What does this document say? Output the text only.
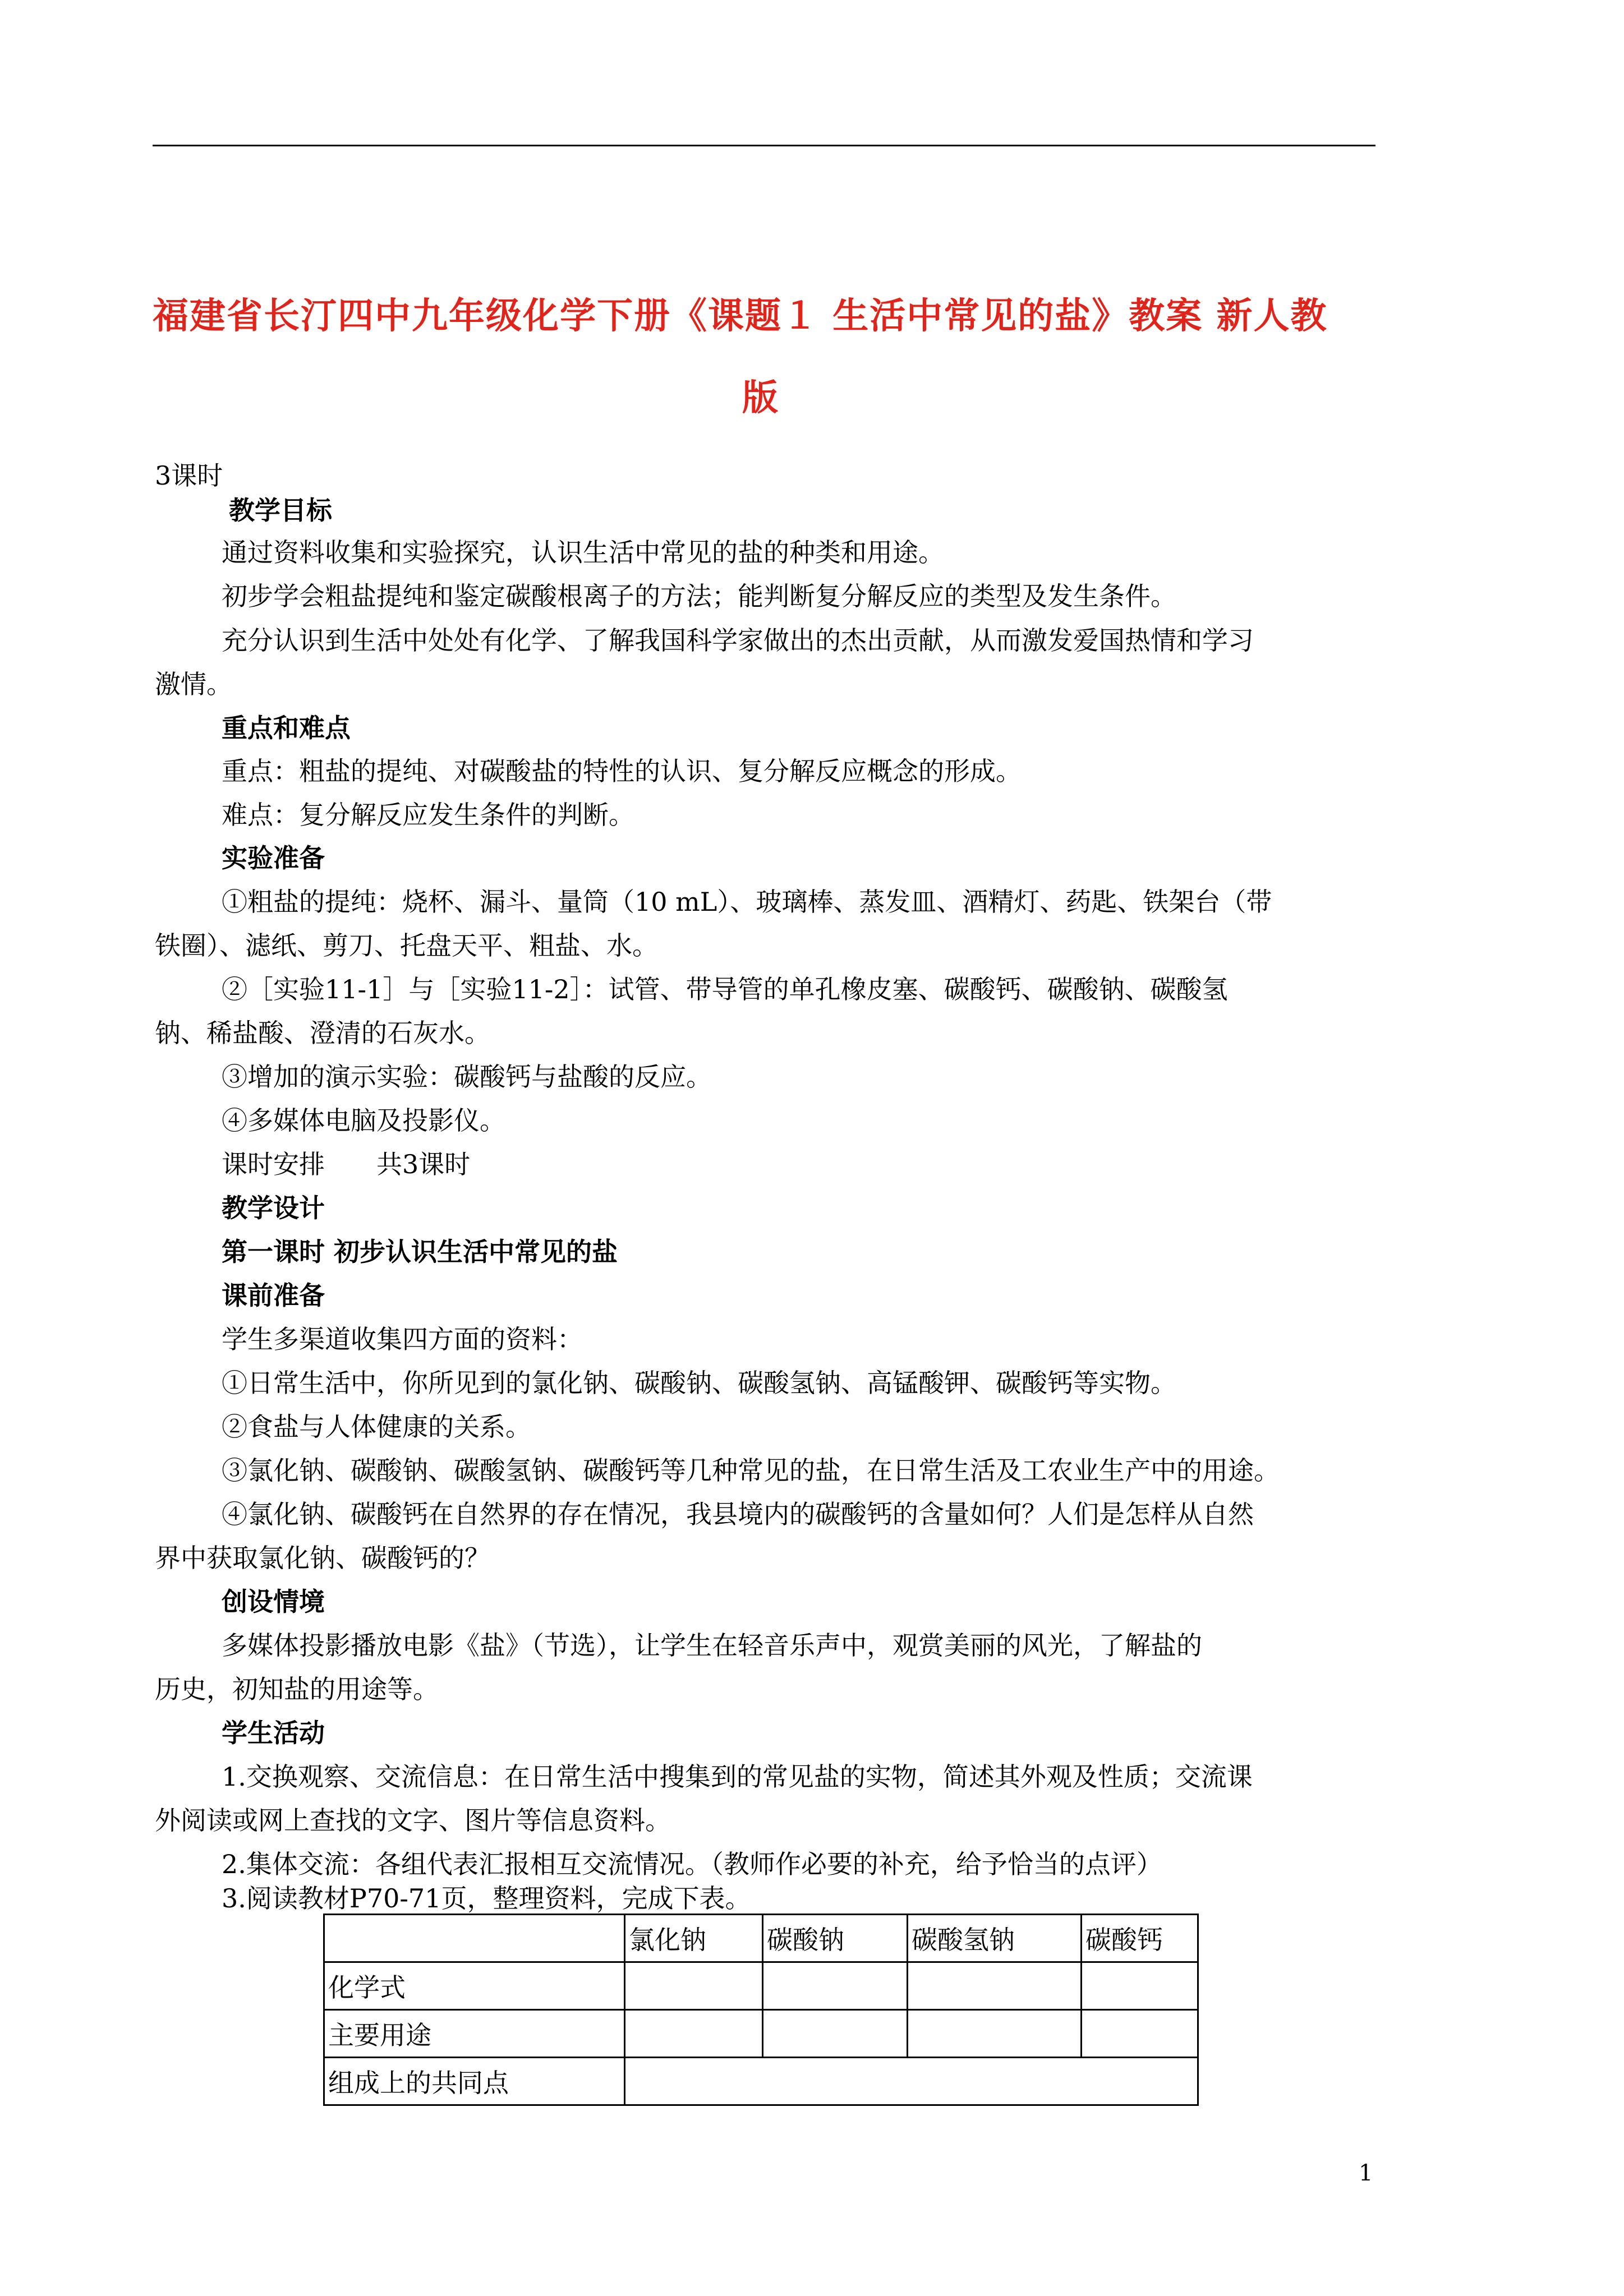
福建省长汀四中九年级化学下册《课题１ 生活中常见的盐》教案 新人教
版
3课时
教学目标
通过资料收集和实验探究，认识生活中常见的盐的种类和用途。
初步学会粗盐提纯和鉴定碳酸根离子的方法；能判断复分解反应的类型及发生条件。
充分认识到生活中处处有化学、了解我国科学家做出的杰出贡献，从而激发爱国热情和学习
激情。
重点和难点
重点：粗盐的提纯、对碳酸盐的特性的认识、复分解反应概念的形成。
难点：复分解反应发生条件的判断。
实验准备
①粗盐的提纯：烧杯、漏斗、量筒（10 mL）、玻璃棒、蒸发皿、酒精灯、药匙、铁架台（带
铁圈）、滤纸、剪刀、托盘天平、粗盐、水。
②［实验11-1］与［实验11-2］：试管、带导管的单孔橡皮塞、碳酸钙、碳酸钠、碳酸氢
钠、稀盐酸、澄清的石灰水。
③增加的演示实验：碳酸钙与盐酸的反应。
④多媒体电脑及投影仪。
课时安排　　共3课时
教学设计
第一课时 初步认识生活中常见的盐
课前准备
学生多渠道收集四方面的资料：
①日常生活中，你所见到的氯化钠、碳酸钠、碳酸氢钠、高锰酸钾、碳酸钙等实物。
②食盐与人体健康的关系。
③氯化钠、碳酸钠、碳酸氢钠、碳酸钙等几种常见的盐，在日常生活及工农业生产中的用途。
④氯化钠、碳酸钙在自然界的存在情况，我县境内的碳酸钙的含量如何？人们是怎样从自然
界中获取氯化钠、碳酸钙的？
创设情境
多媒体投影播放电影《盐》（节选），让学生在轻音乐声中，观赏美丽的风光，了解盐的
历史，初知盐的用途等。
学生活动
1.交换观察、交流信息：在日常生活中搜集到的常见盐的实物，简述其外观及性质；交流课
外阅读或网上查找的文字、图片等信息资料。
2.集体交流：各组代表汇报相互交流情况。（教师作必要的补充，给予恰当的点评）
3.阅读教材P70-71页，整理资料，完成下表。
	氯化钠	碳酸钠	碳酸氢钠	碳酸钙
化学式				
主要用途				
组成上的共同点				
1
